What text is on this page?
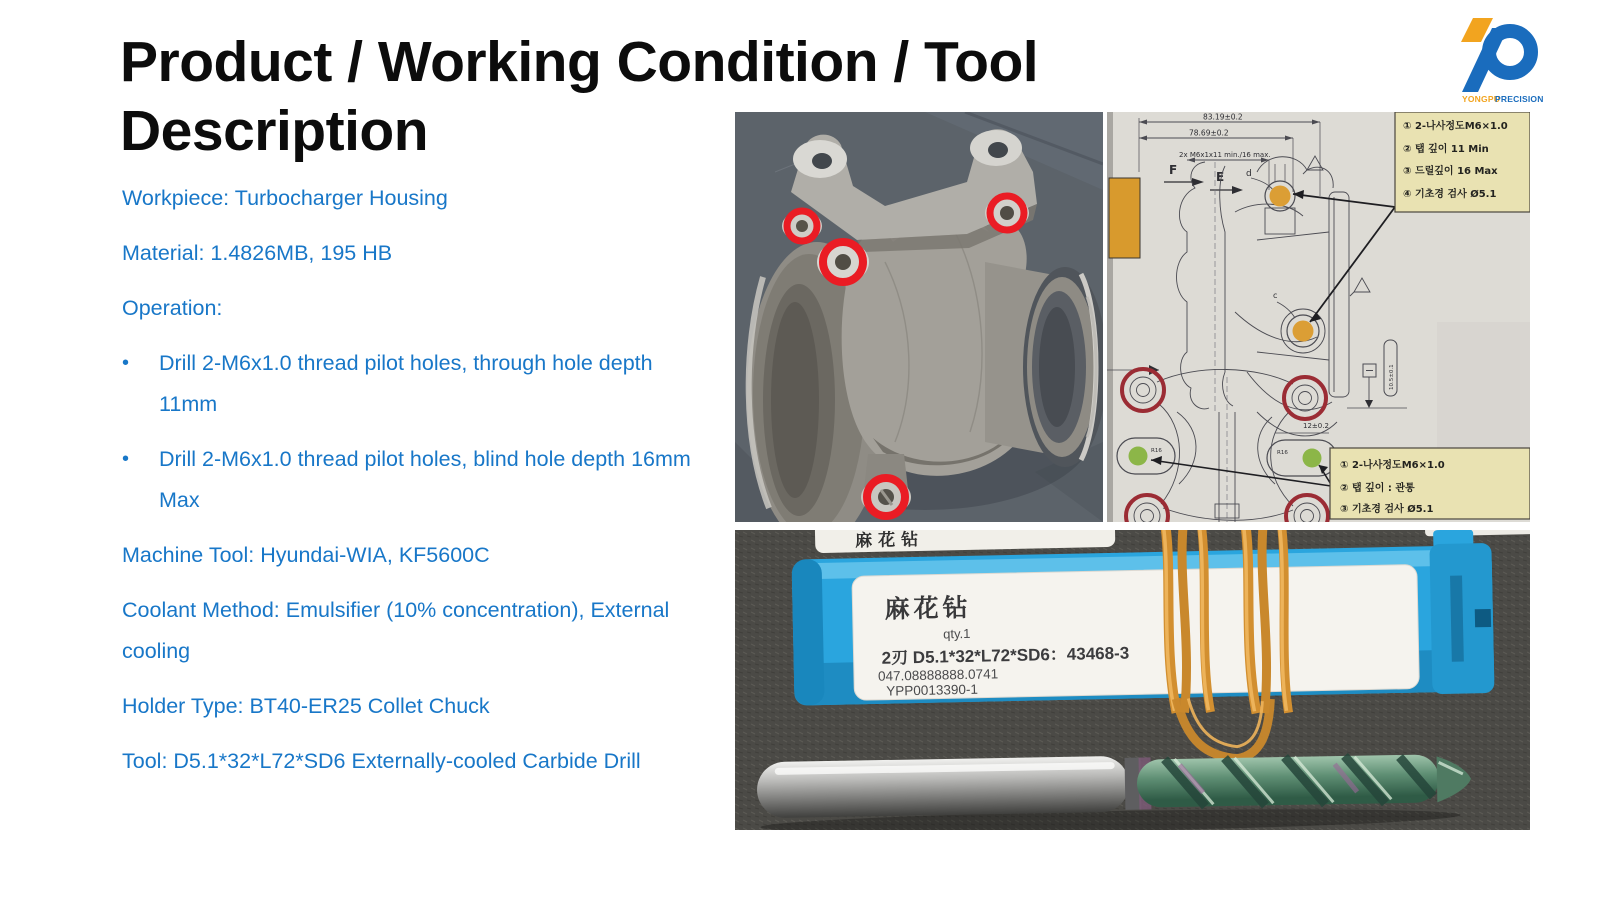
Product / Working Condition / Tool Description	YONGPU
PRECISION

Workpiece: Turbocharger Housing

Material: 1.4826MB, 195 HB

Operation:

•	Drill 2-M6x1.0 thread pilot holes, through hole depth 11mm
•	Drill 2-M6x1.0 thread pilot holes, blind hole depth 16mm Max

Machine Tool: Hyundai-WIA, KF5600C

Coolant Method: Emulsifier (10% concentration), External cooling

Holder Type: BT40-ER25 Collet Chuck

Tool: D5.1*32*L72*SD6 Externally-cooled Carbide Drill

83.19±0.2
78.69±0.2
2x M6x1x11 min./16 max.
F	E d
c
10.5±0.1
R16	R16
12±0.2
① 2-나사정도M6×1.0
② 탭 깊이 11 Min
③ 드릴깊이 16 Max
④ 기초경 검사 Ø5.1
① 2-나사정도M6×1.0
② 탭 깊이 : 관통
③ 기초경 검사 Ø5.1
麻花钻
麻花钻
qty.1
2刃 D5.1*32*L72*SD6：43468-3
047.08888888.0741
YPP0013390-1
